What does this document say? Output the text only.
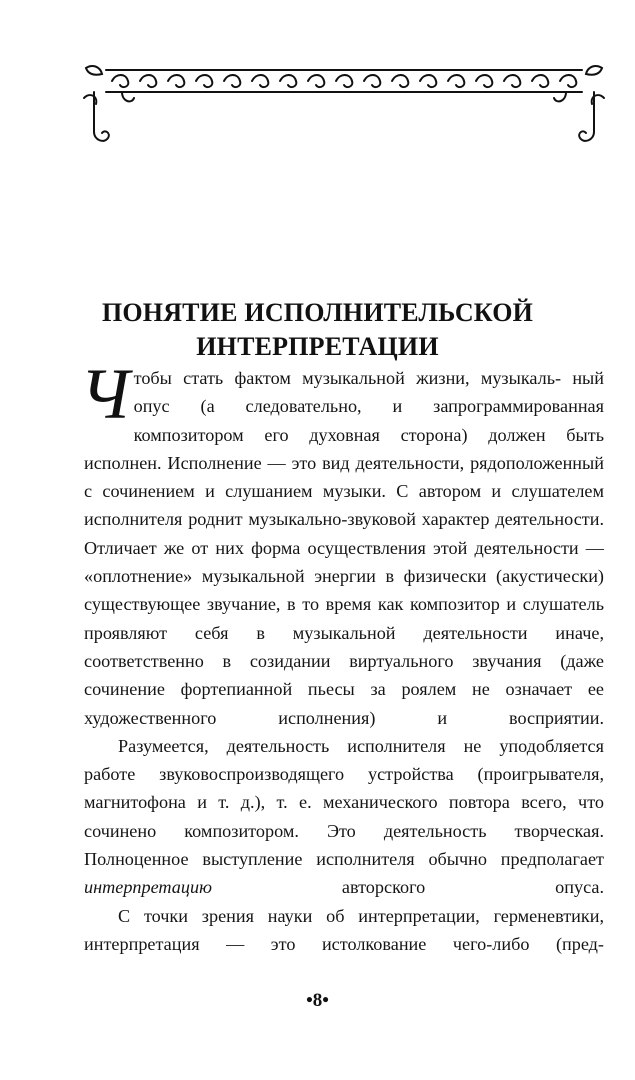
ПОНЯТИЕ ИСПОЛНИТЕЛЬСКОЙ
ИНТЕРПРЕТАЦИИ

Чтобы стать фактом музыкальной жизни, музыкаль- ный опус (а следовательно, и запрограммированная композитором его духовная сторона) должен быть исполнен. Исполнение — это вид деятельности, рядоположенный с сочинением и слушанием музыки. С автором и слушателем исполнителя роднит музыкально-звуковой характер деятельности. Отличает же от них форма осуществления этой деятельности — «оплотнение» музыкальной энергии в физически (акустически) существующее звучание, в то время как композитор и слушатель проявляют себя в музыкальной деятельности иначе, соответственно в созидании виртуального звучания (даже сочинение фортепианной пьесы за роялем не означает ее художественного исполнения) и восприятии.

Разумеется, деятельность исполнителя не уподобляется работе звуковоспроизводящего устройства (проигрывателя, магнитофона и т. д.), т. е. механического повтора всего, что сочинено композитором. Это деятельность творческая. Полноценное выступление исполнителя обычно предполагает интерпретацию авторского опуса.

С точки зрения науки об интерпретации, герменевтики, интерпретация — это истолкование чего-либо (пред-

•8•
